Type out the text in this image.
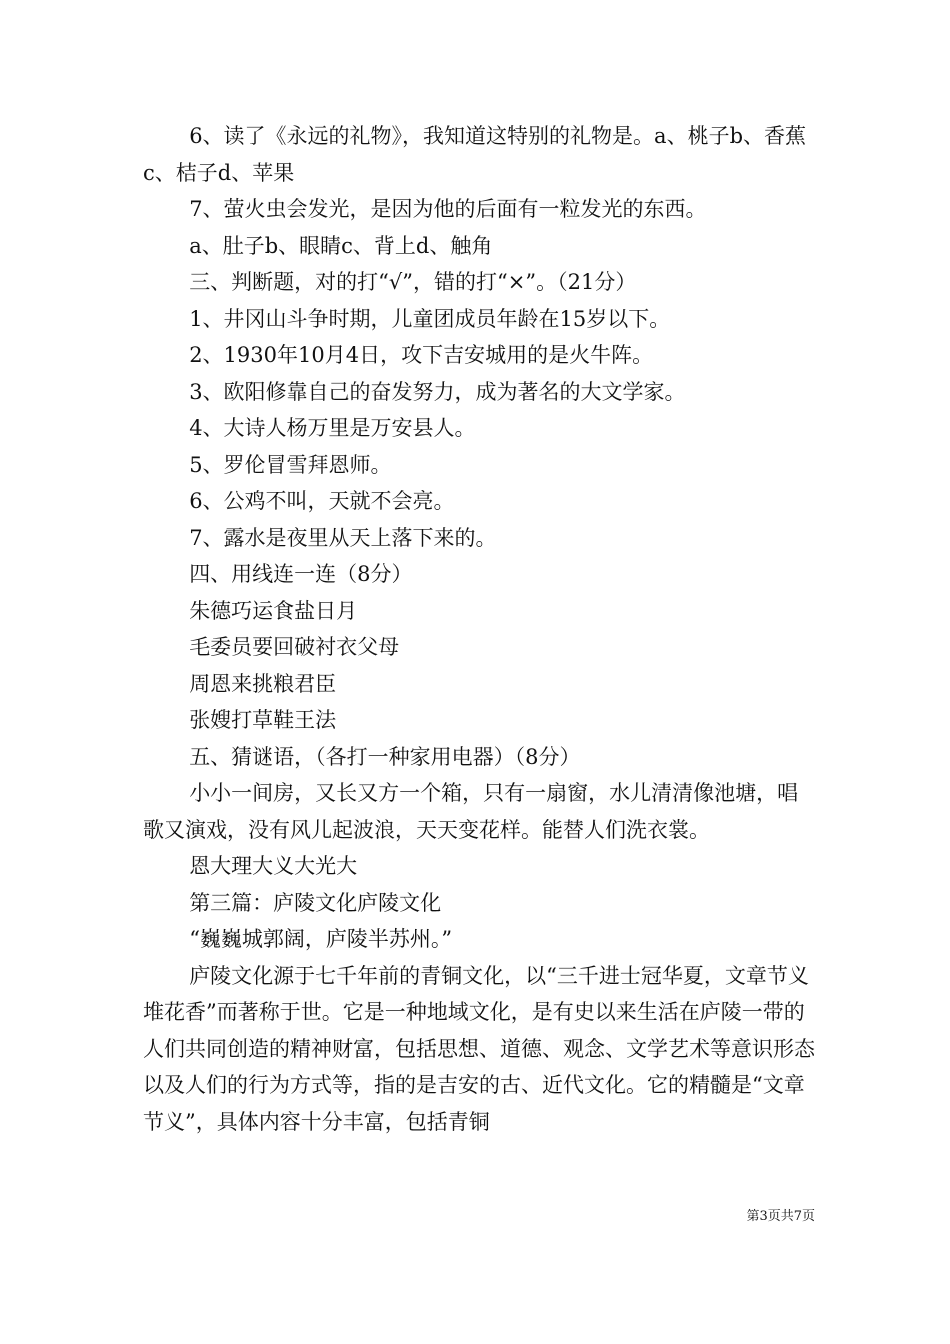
6、读了《永远的礼物》，我知道这特别的礼物是。a、桃子b、香蕉c、桔子d、苹果

7、萤火虫会发光，是因为他的后面有一粒发光的东西。

a、肚子b、眼睛c、背上d、触角

三、判断题，对的打“√”，错的打“×”。（21分）

1、井冈山斗争时期，儿童团成员年龄在15岁以下。

2、1930年10月4日，攻下吉安城用的是火牛阵。

3、欧阳修靠自己的奋发努力，成为著名的大文学家。

4、大诗人杨万里是万安县人。

5、罗伦冒雪拜恩师。

6、公鸡不叫，天就不会亮。

7、露水是夜里从天上落下来的。

四、用线连一连（8分）

朱德巧运食盐日月

毛委员要回破衬衣父母

周恩来挑粮君臣

张嫂打草鞋王法

五、猜谜语，（各打一种家用电器）（8分）

小小一间房，又长又方一个箱，只有一扇窗，水儿清清像池塘，唱歌又演戏，没有风儿起波浪，天天变花样。能替人们洗衣裳。

恩大理大义大光大

第三篇：庐陵文化庐陵文化

“巍巍城郭阔，庐陵半苏州。”

庐陵文化源于七千年前的青铜文化，以“三千进士冠华夏，文章节义堆花香”而著称于世。它是一种地域文化，是有史以来生活在庐陵一带的人们共同创造的精神财富，包括思想、道德、观念、文学艺术等意识形态以及人们的行为方式等，指的是吉安的古、近代文化。它的精髓是“文章节义”，具体内容十分丰富，包括青铜

第3页共7页
